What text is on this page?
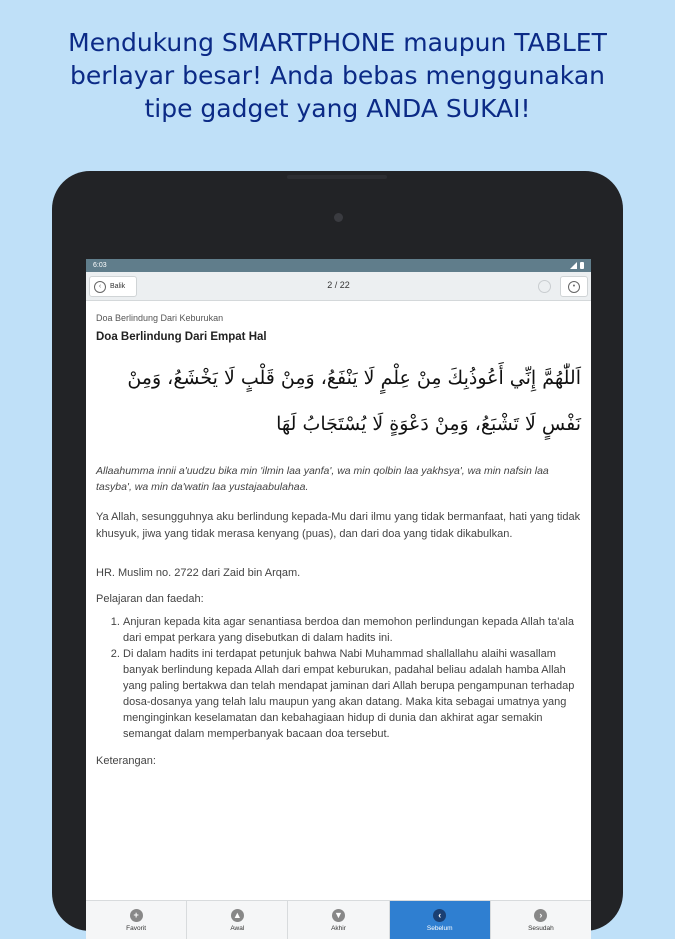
Mendukung SMARTPHONE maupun TABLET
berlayar besar! Anda bebas menggunakan
tipe gadget yang ANDA SUKAI!
6:03
‹	Balik	2 / 22	•
Doa Berlindung Dari Keburukan
Doa Berlindung Dari Empat Hal
اَللّٰهُمَّ إِنِّي أَعُوذُبِكَ مِنْ عِلْمٍ لَا يَنْفَعُ، وَمِنْ قَلْبٍ لَا يَخْشَعُ، وَمِنْ نَفْسٍ لَا تَشْبَعُ، وَمِنْ دَعْوَةٍ لَا يُسْتَجَابُ لَهَا
Allaahumma innii a'uudzu bika min 'ilmin laa yanfa', wa min qolbin laa yakhsya', wa min nafsin laa tasyba', wa min da'watin laa yustajaabulahaa.
Ya Allah, sesungguhnya aku berlindung kepada-Mu dari ilmu yang tidak bermanfaat, hati yang tidak khusyuk, jiwa yang tidak merasa kenyang (puas), dan dari doa yang tidak dikabulkan.
HR. Muslim no. 2722 dari Zaid bin Arqam.
Pelajaran dan faedah:
1. Anjuran kepada kita agar senantiasa berdoa dan memohon perlindungan kepada Allah ta'ala dari empat perkara yang disebutkan di dalam hadits ini.
2. Di dalam hadits ini terdapat petunjuk bahwa Nabi Muhammad shallallahu alaihi wasallam banyak berlindung kepada Allah dari empat keburukan, padahal beliau adalah hamba Allah yang paling bertakwa dan telah mendapat jaminan dari Allah berupa pengampunan terhadap dosa-dosanya yang telah lalu maupun yang akan datang. Maka kita sebagai umatnya yang menginginkan keselamatan dan kebahagiaan hidup di dunia dan akhirat agar semakin semangat dalam memperbanyak bacaan doa tersebut.
Keterangan:
+
Favorit
▲
Awal
▼
Akhir
‹
Sebelum
›
Sesudah
